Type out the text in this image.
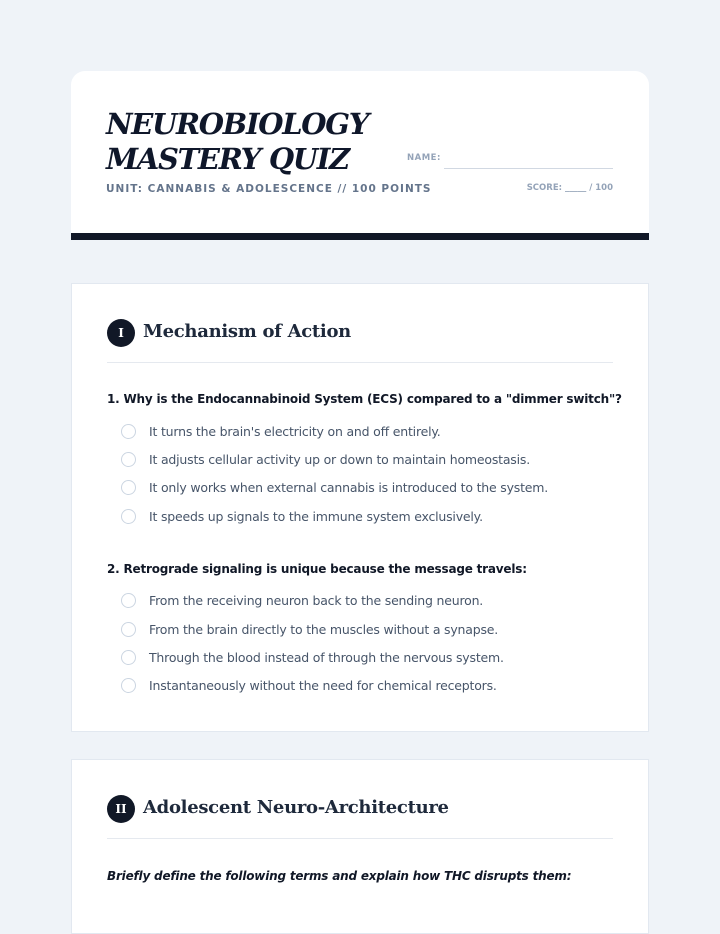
NEUROBIOLOGY
MASTERY QUIZ
UNIT: CANNABIS & ADOLESCENCE // 100 POINTS
NAME:
SCORE: _____ / 100
I	Mechanism of Action
1. Why is the Endocannabinoid System (ECS) compared to a "dimmer switch"?
It turns the brain's electricity on and off entirely.
It adjusts cellular activity up or down to maintain homeostasis.
It only works when external cannabis is introduced to the system.
It speeds up signals to the immune system exclusively.
2. Retrograde signaling is unique because the message travels:
From the receiving neuron back to the sending neuron.
From the brain directly to the muscles without a synapse.
Through the blood instead of through the nervous system.
Instantaneously without the need for chemical receptors.
II Adolescent Neuro-Architecture
Briefly define the following terms and explain how THC disrupts them:
